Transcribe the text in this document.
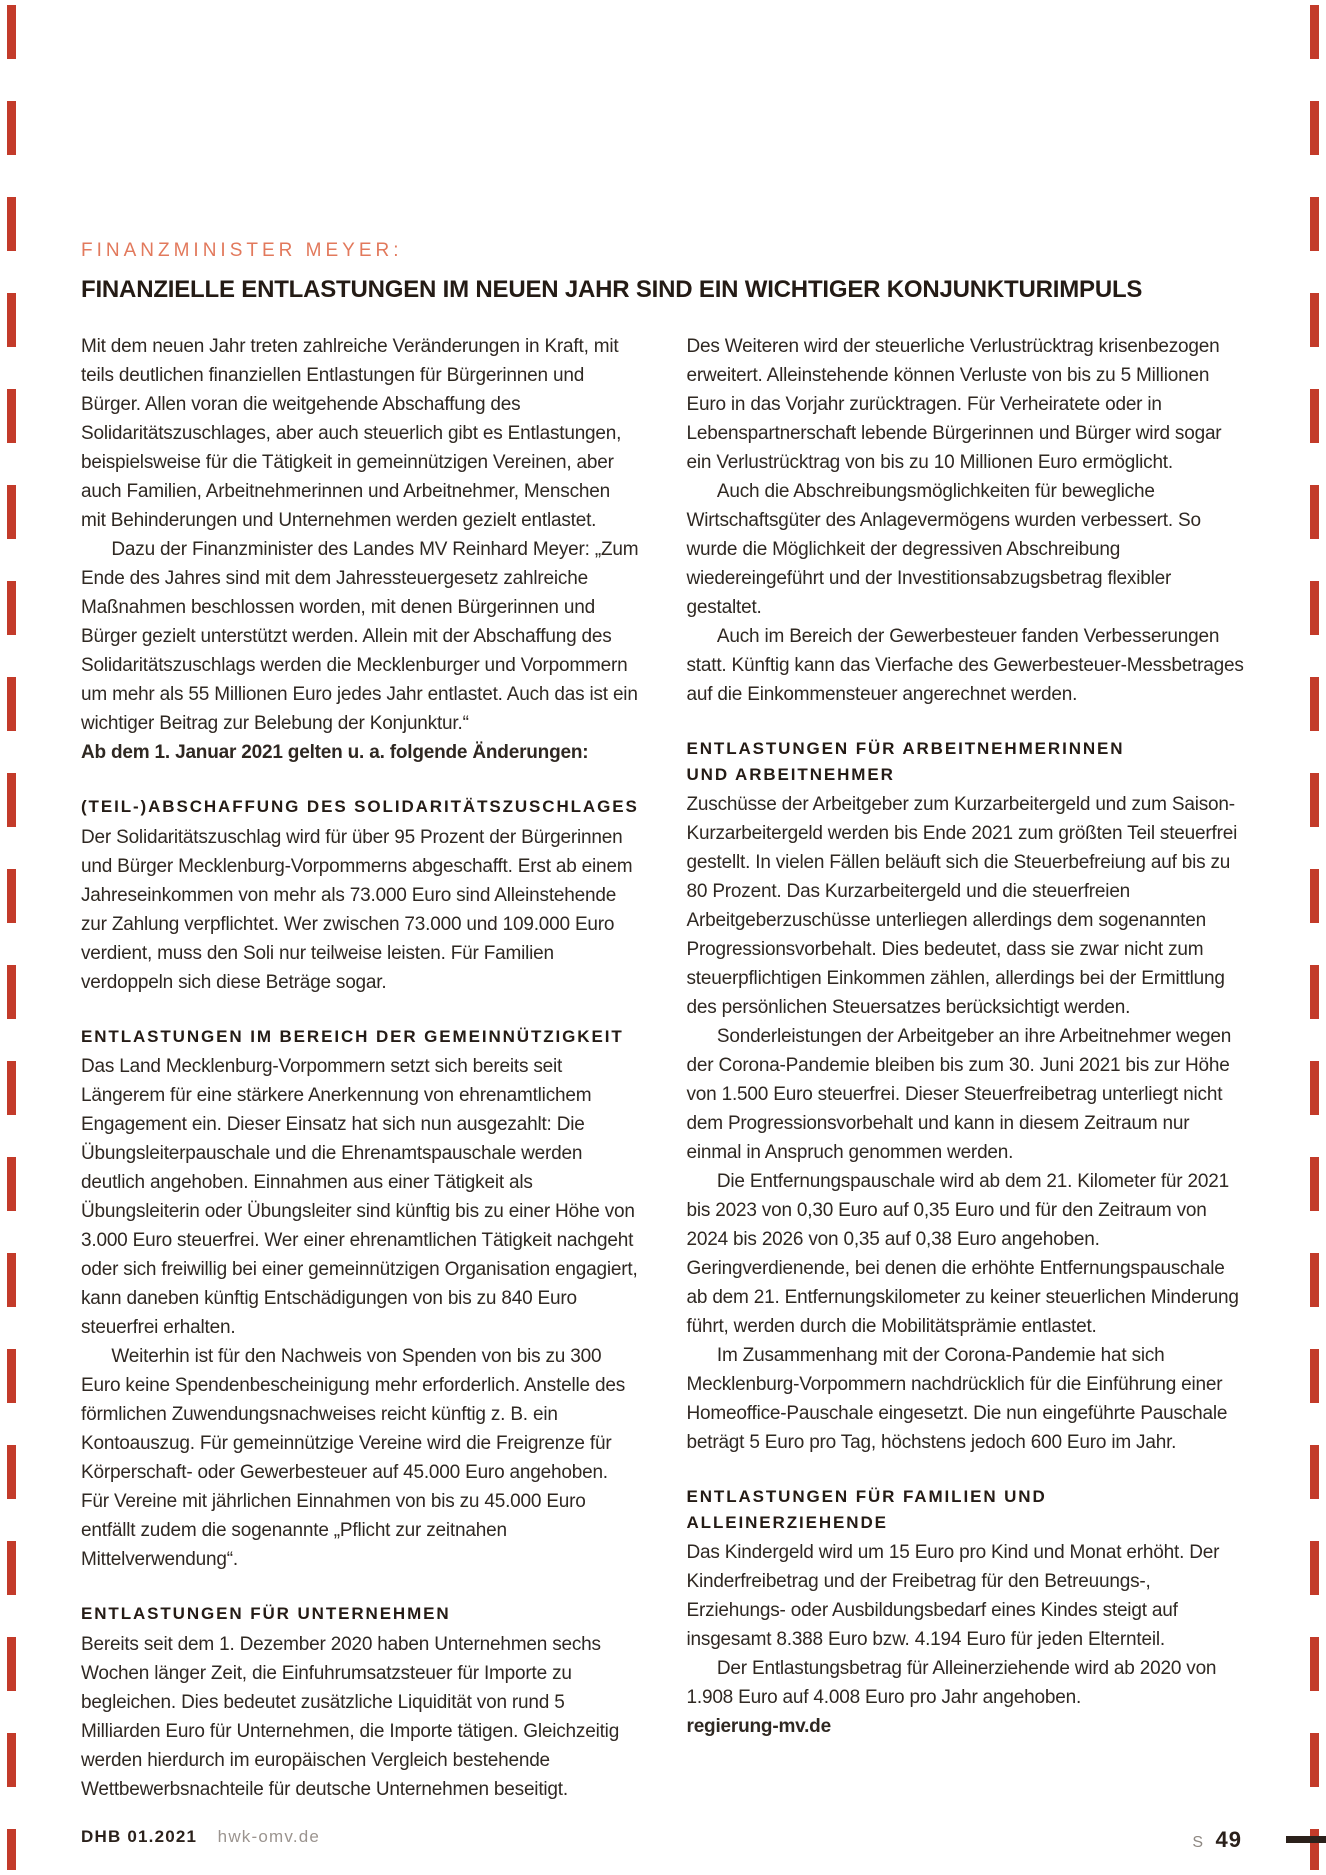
FINANZMINISTER MEYER:
FINANZIELLE ENTLASTUNGEN IM NEUEN JAHR SIND EIN WICHTIGER KONJUNKTURIMPULS

Mit dem neuen Jahr treten zahlreiche Veränderungen in Kraft, mit teils deutlichen finanziellen Entlastungen für Bürgerinnen und Bürger. Allen voran die weitgehende Abschaffung des Solidaritätszuschlages, aber auch steuerlich gibt es Entlastungen, beispielsweise für die Tätigkeit in gemeinnützigen Vereinen, aber auch Familien, Arbeitnehmerinnen und Arbeitnehmer, Menschen mit Behinderungen und Unternehmen werden gezielt entlastet.

Dazu der Finanzminister des Landes MV Reinhard Meyer: „Zum Ende des Jahres sind mit dem Jahressteuergesetz zahlreiche Maßnahmen beschlossen worden, mit denen Bürgerinnen und Bürger gezielt unterstützt werden. Allein mit der Abschaffung des Solidaritätszuschlags werden die Mecklenburger und Vorpommern um mehr als 55 Millionen Euro jedes Jahr entlastet. Auch das ist ein wichtiger Beitrag zur Belebung der Konjunktur.“

Ab dem 1. Januar 2021 gelten u. a. folgende Änderungen:

(TEIL-)ABSCHAFFUNG DES SOLIDARITÄTSZUSCHLAGES

Der Solidaritätszuschlag wird für über 95 Prozent der Bürgerinnen und Bürger Mecklenburg-Vorpommerns abgeschafft. Erst ab einem Jahreseinkommen von mehr als 73.000 Euro sind Alleinstehende zur Zahlung verpflichtet. Wer zwischen 73.000 und 109.000 Euro verdient, muss den Soli nur teilweise leisten. Für Familien verdoppeln sich diese Beträge sogar.

ENTLASTUNGEN IM BEREICH DER GEMEINNÜTZIGKEIT

Das Land Mecklenburg-Vorpommern setzt sich bereits seit Längerem für eine stärkere Anerkennung von ehrenamtlichem Engagement ein. Dieser Einsatz hat sich nun ausgezahlt: Die Übungsleiterpauschale und die Ehrenamtspauschale werden deutlich angehoben. Einnahmen aus einer Tätigkeit als Übungsleiterin oder Übungsleiter sind künftig bis zu einer Höhe von 3.000 Euro steuerfrei. Wer einer ehrenamtlichen Tätigkeit nachgeht oder sich freiwillig bei einer gemeinnützigen Organisation engagiert, kann daneben künftig Entschädigungen von bis zu 840 Euro steuerfrei erhalten.

Weiterhin ist für den Nachweis von Spenden von bis zu 300 Euro keine Spendenbescheinigung mehr erforderlich. Anstelle des förmlichen Zuwendungsnachweises reicht künftig z. B. ein Kontoauszug. Für gemeinnützige Vereine wird die Freigrenze für Körperschaft- oder Gewerbesteuer auf 45.000 Euro angehoben. Für Vereine mit jährlichen Einnahmen von bis zu 45.000 Euro entfällt zudem die sogenannte „Pflicht zur zeitnahen Mittelverwendung“.

ENTLASTUNGEN FÜR UNTERNEHMEN

Bereits seit dem 1. Dezember 2020 haben Unternehmen sechs Wochen länger Zeit, die Einfuhrumsatzsteuer für Importe zu begleichen. Dies bedeutet zusätzliche Liquidität von rund 5 Milliarden Euro für Unternehmen, die Importe tätigen. Gleichzeitig werden hierdurch im europäischen Vergleich bestehende Wettbewerbsnachteile für deutsche Unternehmen beseitigt.

Des Weiteren wird der steuerliche Verlustrücktrag krisenbezogen erweitert. Alleinstehende können Verluste von bis zu 5 Millionen Euro in das Vorjahr zurücktragen. Für Verheiratete oder in Lebenspartnerschaft lebende Bürgerinnen und Bürger wird sogar ein Verlustrücktrag von bis zu 10 Millionen Euro ermöglicht.

Auch die Abschreibungsmöglichkeiten für bewegliche Wirtschaftsgüter des Anlagevermögens wurden verbessert. So wurde die Möglichkeit der degressiven Abschreibung wiedereingeführt und der Investitionsabzugsbetrag flexibler gestaltet.

Auch im Bereich der Gewerbesteuer fanden Verbesserungen statt. Künftig kann das Vierfache des Gewerbesteuer-Messbetrages auf die Einkommensteuer angerechnet werden.

ENTLASTUNGEN FÜR ARBEITNEHMERINNEN
UND ARBEITNEHMER

Zuschüsse der Arbeitgeber zum Kurzarbeitergeld und zum Saison-Kurzarbeitergeld werden bis Ende 2021 zum größten Teil steuerfrei gestellt. In vielen Fällen beläuft sich die Steuerbefreiung auf bis zu 80 Prozent. Das Kurzarbeitergeld und die steuerfreien Arbeitgeberzuschüsse unterliegen allerdings dem sogenannten Progressionsvorbehalt. Dies bedeutet, dass sie zwar nicht zum steuerpflichtigen Einkommen zählen, allerdings bei der Ermittlung des persönlichen Steuersatzes berücksichtigt werden.

Sonderleistungen der Arbeitgeber an ihre Arbeitnehmer wegen der Corona-Pandemie bleiben bis zum 30. Juni 2021 bis zur Höhe von 1.500 Euro steuerfrei. Dieser Steuerfreibetrag unterliegt nicht dem Progressionsvorbehalt und kann in diesem Zeitraum nur einmal in Anspruch genommen werden.

Die Entfernungspauschale wird ab dem 21. Kilometer für 2021 bis 2023 von 0,30 Euro auf 0,35 Euro und für den Zeitraum von 2024 bis 2026 von 0,35 auf 0,38 Euro angehoben. Geringverdienende, bei denen die erhöhte Entfernungspauschale ab dem 21. Entfernungskilometer zu keiner steuerlichen Minderung führt, werden durch die Mobilitätsprämie entlastet.

Im Zusammenhang mit der Corona-Pandemie hat sich Mecklenburg-Vorpommern nachdrücklich für die Einführung einer Homeoffice-Pauschale eingesetzt. Die nun eingeführte Pauschale beträgt 5 Euro pro Tag, höchstens jedoch 600 Euro im Jahr.

ENTLASTUNGEN FÜR FAMILIEN UND ALLEINERZIEHENDE

Das Kindergeld wird um 15 Euro pro Kind und Monat erhöht. Der Kinderfreibetrag und der Freibetrag für den Betreuungs-, Erziehungs- oder Ausbildungsbedarf eines Kindes steigt auf insgesamt 8.388 Euro bzw. 4.194 Euro für jeden Elternteil.

Der Entlastungsbetrag für Alleinerziehende wird ab 2020 von 1.908 Euro auf 4.008 Euro pro Jahr angehoben.

regierung-mv.de

DHB 01.2021 hwk-omv.de	S 49
